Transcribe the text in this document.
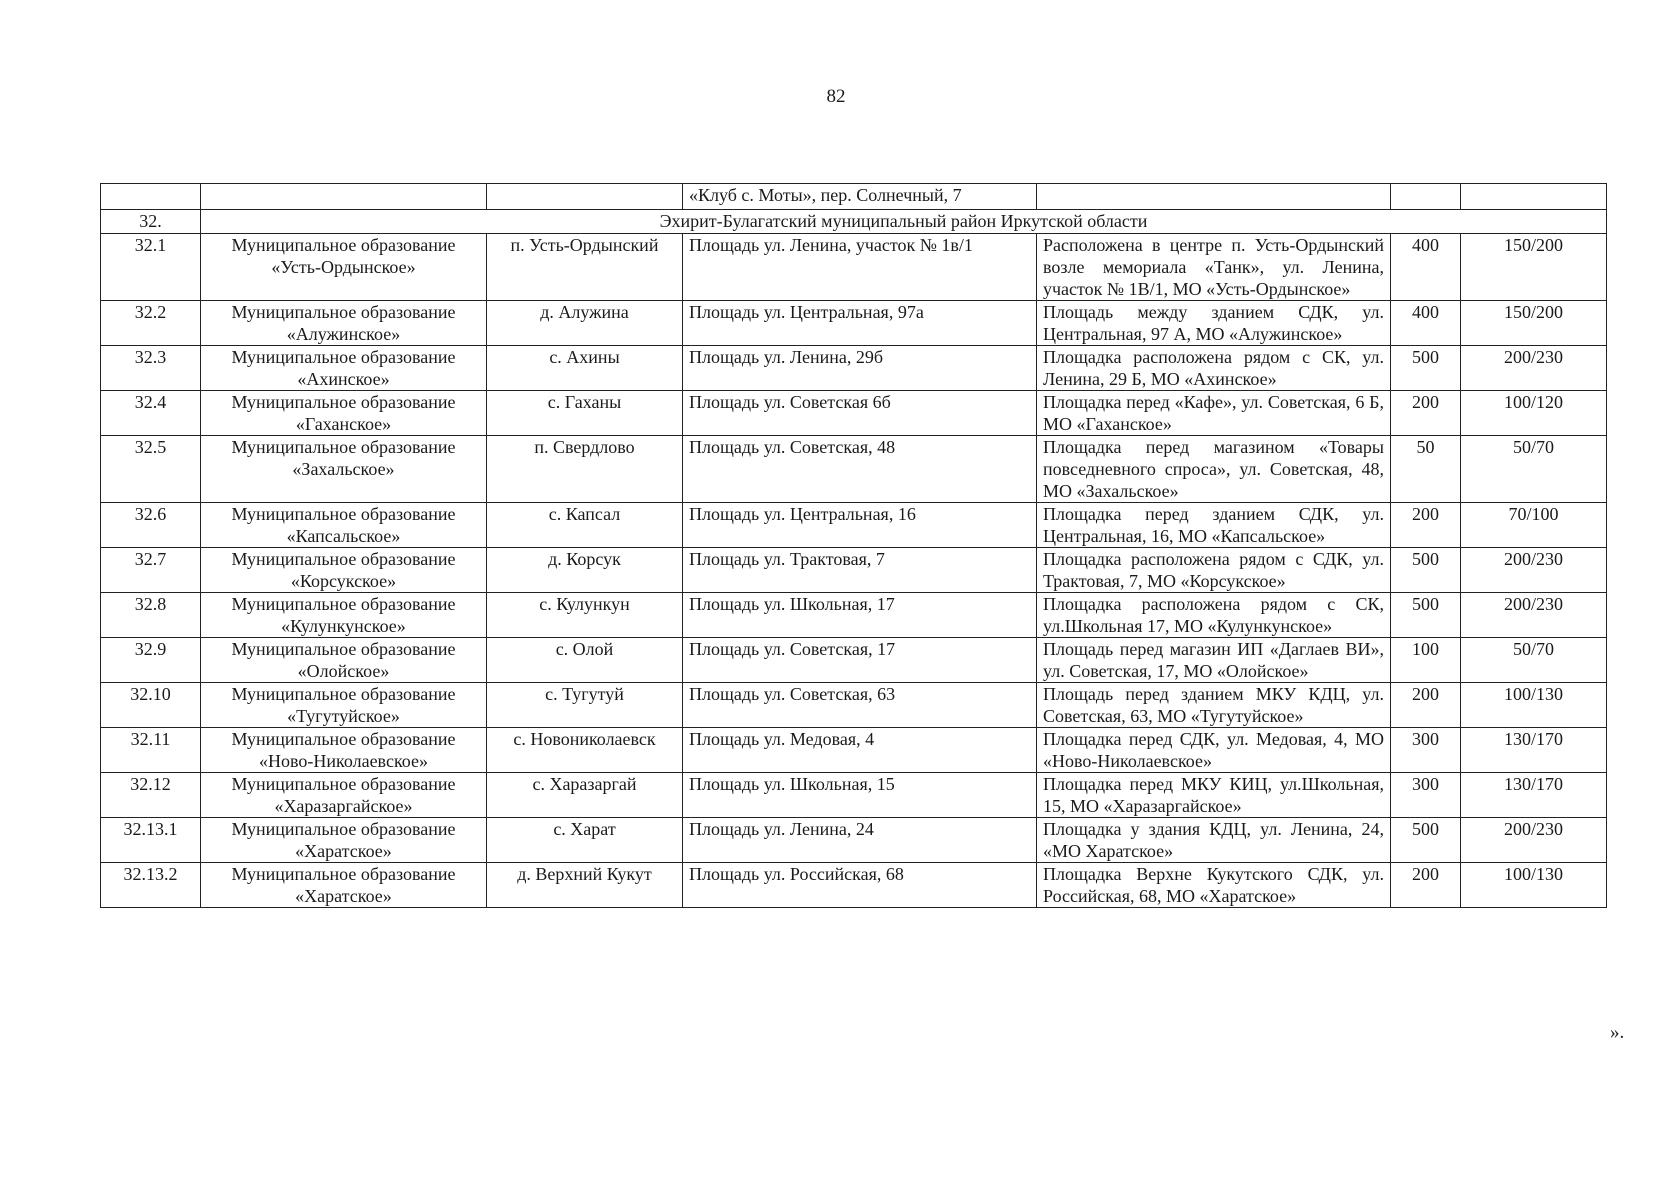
82
			«Клуб с. Моты», пер. Солнечный, 7			
32.	Эхирит-Булагатский муниципальный район Иркутской области					
32.1	Муниципальное образование «Усть-Ордынское»	п. Усть-Ордынский	Площадь ул. Ленина, участок № 1в/1	Расположена в центре п. Усть-Ордынский возле мемориала «Танк», ул. Ленина, участок № 1В/1, МО «Усть-Ордынское»	400	150/200
32.2	Муниципальное образование «Алужинское»	д. Алужина	Площадь ул. Центральная, 97а	Площадь между зданием СДК, ул. Центральная, 97 А, МО «Алужинское»	400	150/200
32.3	Муниципальное образование «Ахинское»	с. Ахины	Площадь ул. Ленина, 29б	Площадка расположена рядом с СК, ул. Ленина, 29 Б, МО «Ахинское»	500	200/230
32.4	Муниципальное образование «Гаханское»	с. Гаханы	Площадь ул. Советская 6б	Площадка перед «Кафе», ул. Советская, 6 Б, МО «Гаханское»	200	100/120
32.5	Муниципальное образование «Захальское»	п. Свердлово	Площадь ул. Советская, 48	Площадка перед магазином «Товары повседневного спроса», ул. Советская, 48, МО «Захальское»	50	50/70
32.6	Муниципальное образование «Капсальское»	с. Капсал	Площадь ул. Центральная, 16	Площадка перед зданием СДК, ул. Центральная, 16, МО «Капсальское»	200	70/100
32.7	Муниципальное образование «Корсукское»	д. Корсук	Площадь ул. Трактовая, 7	Площадка расположена рядом с СДК, ул. Трактовая, 7, МО «Корсукское»	500	200/230
32.8	Муниципальное образование «Кулункунское»	с. Кулункун	Площадь ул. Школьная, 17	Площадка расположена рядом с СК, ул.Школьная 17, МО «Кулункунское»	500	200/230
32.9	Муниципальное образование «Олойское»	с. Олой	Площадь ул. Советская, 17	Площадь перед магазин ИП «Даглаев ВИ», ул. Советская, 17, МО «Олойское»	100	50/70
32.10	Муниципальное образование «Тугутуйское»	с. Тугутуй	Площадь ул. Советская, 63	Площадь перед зданием МКУ КДЦ, ул. Советская, 63, МО «Тугутуйское»	200	100/130
32.11	Муниципальное образование «Ново-Николаевское»	с. Новониколаевск	Площадь ул. Медовая, 4	Площадка перед СДК, ул. Медовая, 4, МО «Ново-Николаевское»	300	130/170
32.12	Муниципальное образование «Харазаргайское»	с. Харазаргай	Площадь ул. Школьная, 15	Площадка перед МКУ КИЦ, ул.Школьная, 15, МО «Харазаргайское»	300	130/170
32.13.1	Муниципальное образование «Харатское»	с. Харат	Площадь ул. Ленина, 24	Площадка у здания КДЦ, ул. Ленина, 24, «МО Харатское»	500	200/230
32.13.2	Муниципальное образование «Харатское»	д. Верхний Кукут	Площадь ул. Российская, 68	Площадка Верхне Кукутского СДК, ул. Российская, 68, МО «Харатское»	200	100/130
».
